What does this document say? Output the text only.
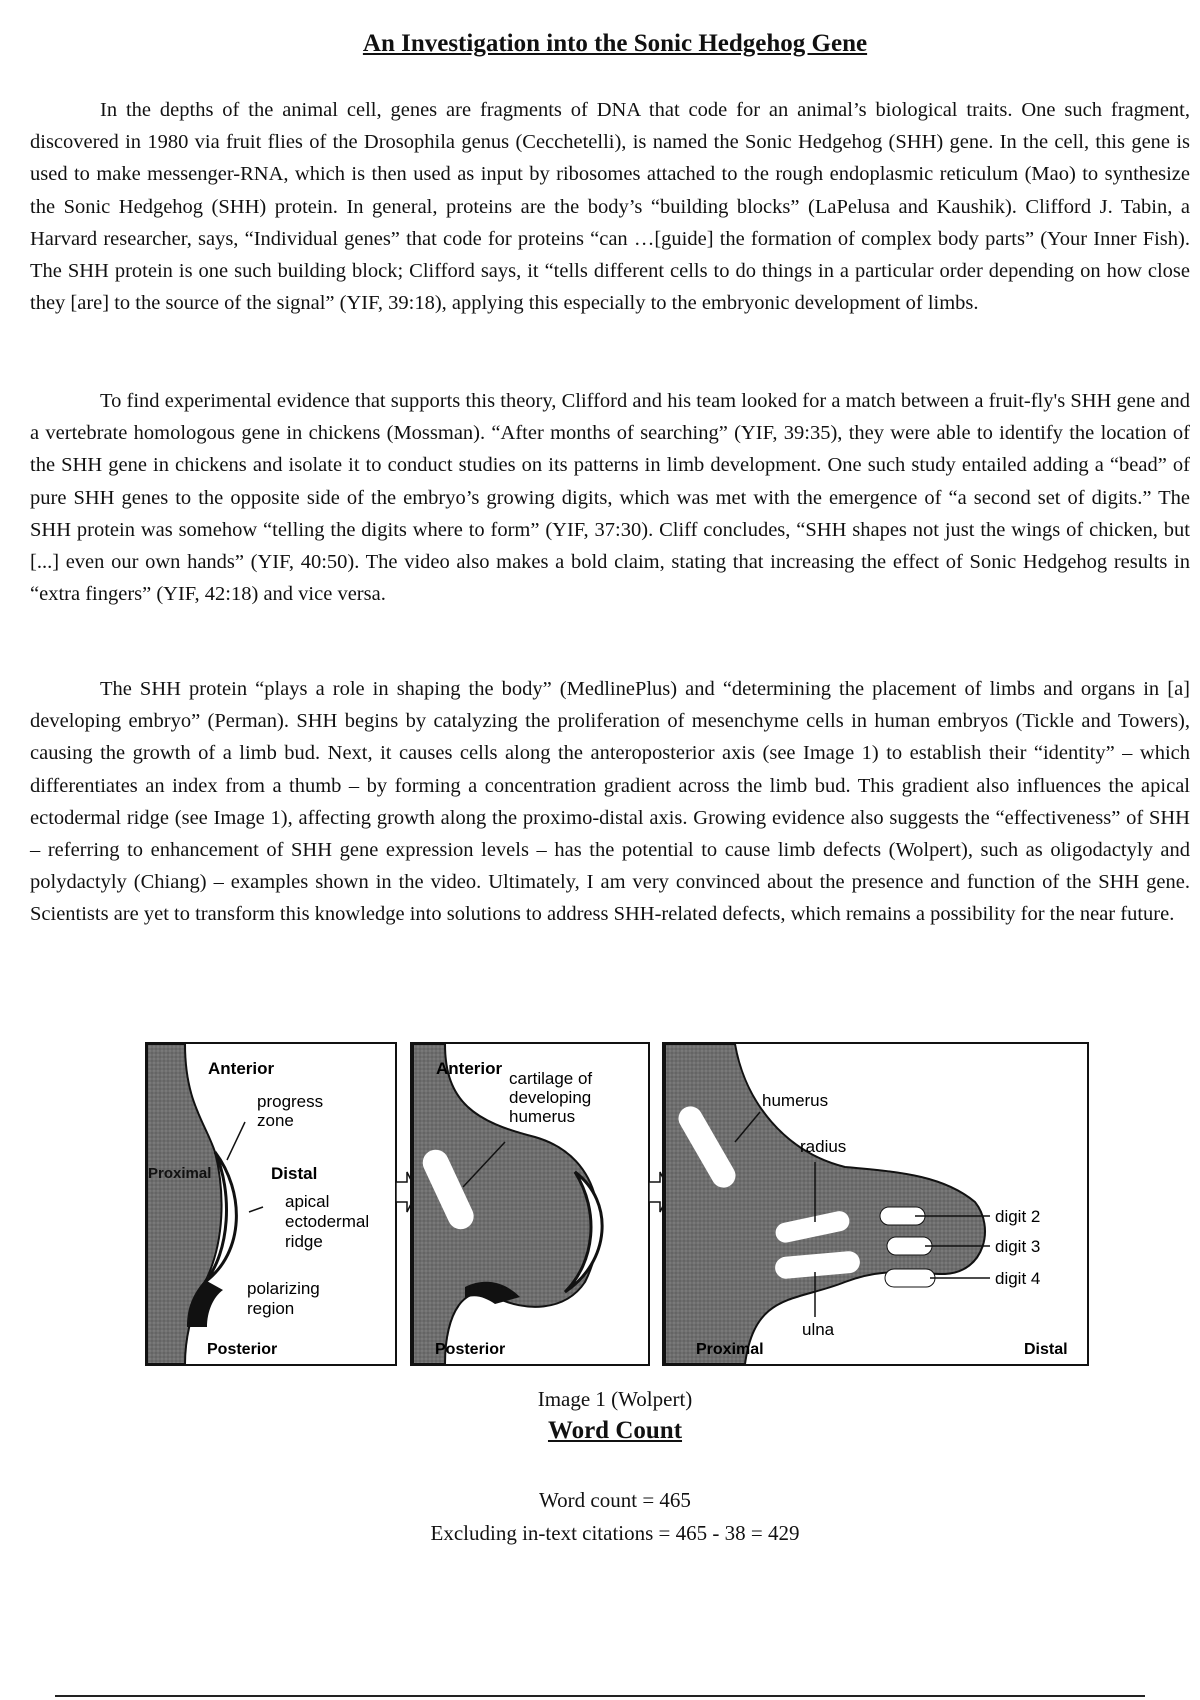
An Investigation into the Sonic Hedgehog Gene

In the depths of the animal cell, genes are fragments of DNA that code for an animal’s biological traits. One such fragment, discovered in 1980 via fruit flies of the Drosophila genus (Cecchetelli), is named the Sonic Hedgehog (SHH) gene. In the cell, this gene is used to make messenger-RNA, which is then used as input by ribosomes attached to the rough endoplasmic reticulum (Mao) to synthesize the Sonic Hedgehog (SHH) protein. In general, proteins are the body’s “building blocks” (LaPelusa and Kaushik). Clifford J. Tabin, a Harvard researcher, says, “Individual genes” that code for proteins “can …[guide] the formation of complex body parts” (Your Inner Fish). The SHH protein is one such building block; Clifford says, it “tells different cells to do things in a particular order depending on how close they [are] to the source of the signal” (YIF, 39:18), applying this especially to the embryonic development of limbs.

To find experimental evidence that supports this theory, Clifford and his team looked for a match between a fruit-fly's SHH gene and a vertebrate homologous gene in chickens (Mossman). “After months of searching” (YIF, 39:35), they were able to identify the location of the SHH gene in chickens and isolate it to conduct studies on its patterns in limb development. One such study entailed adding a “bead” of pure SHH genes to the opposite side of the embryo’s growing digits, which was met with the emergence of “a second set of digits.” The SHH protein was somehow “telling the digits where to form” (YIF, 37:30). Cliff concludes, “SHH shapes not just the wings of chicken, but [...] even our own hands” (YIF, 40:50). The video also makes a bold claim, stating that increasing the effect of Sonic Hedgehog results in “extra fingers” (YIF, 42:18) and vice versa.

The SHH protein “plays a role in shaping the body” (MedlinePlus) and “determining the placement of limbs and organs in [a] developing embryo” (Perman). SHH begins by catalyzing the proliferation of mesenchyme cells in human embryos (Tickle and Towers), causing the growth of a limb bud. Next, it causes cells along the anteroposterior axis (see Image 1) to establish their “identity” – which differentiates an index from a thumb – by forming a concentration gradient across the limb bud. This gradient also influences the apical ectodermal ridge (see Image 1), affecting growth along the proximo-distal axis. Growing evidence also suggests the “effectiveness” of SHH – referring to enhancement of SHH gene expression levels – has the potential to cause limb defects (Wolpert), such as oligodactyly and polydactyly (Chiang) – examples shown in the video. Ultimately, I am very convinced about the presence and function of the SHH gene. Scientists are yet to transform this knowledge into solutions to address SHH-related defects, which remains a possibility for the near future.

Anterior
progress
zone
Proximal	Distal
apical
ectodermal
ridge
polarizing
region
Posterior
Anterior
cartilage of
developing
humerus
Posterior
humerus
radius
digit 2
digit 3
digit 4
ulna
Proximal	Distal
Image 1 (Wolpert)
Word Count
Word count = 465
Excluding in-text citations = 465 - 38 = 429
